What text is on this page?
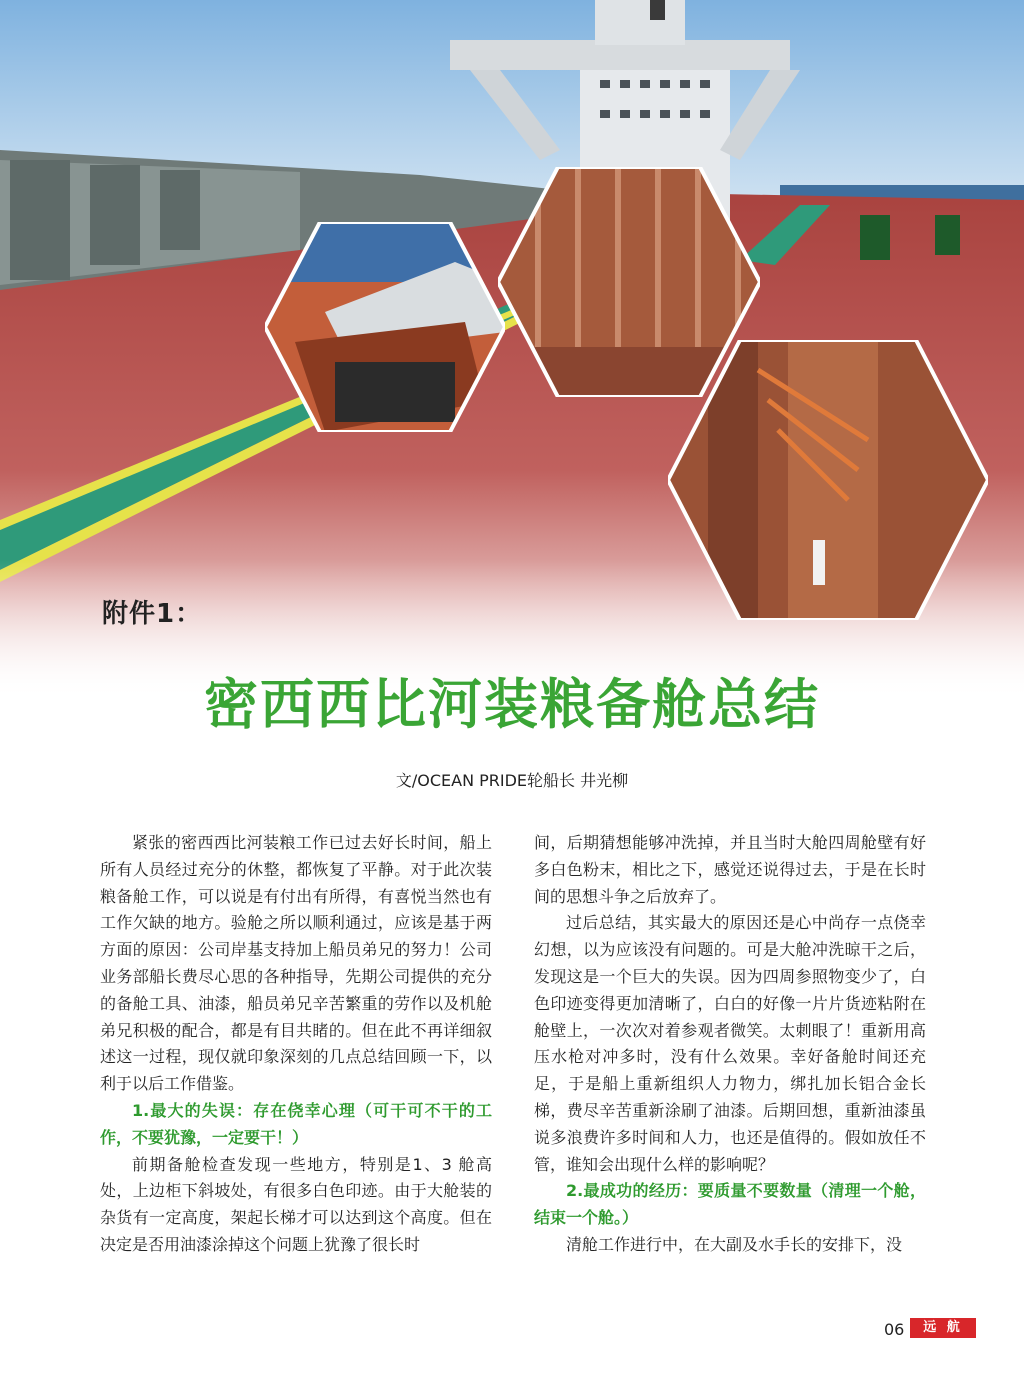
附件1：
密西西比河装粮备舱总结
文/OCEAN PRIDE轮船长 井光柳

紧张的密西西比河装粮工作已过去好长时间，船上所有人员经过充分的休整，都恢复了平静。对于此次装粮备舱工作，可以说是有付出有所得，有喜悦当然也有工作欠缺的地方。验舱之所以顺利通过，应该是基于两方面的原因：公司岸基支持加上船员弟兄的努力！公司业务部船长费尽心思的各种指导，先期公司提供的充分的备舱工具、油漆，船员弟兄辛苦繁重的劳作以及机舱弟兄积极的配合，都是有目共睹的。但在此不再详细叙述这一过程，现仅就印象深刻的几点总结回顾一下，以利于以后工作借鉴。

1.最大的失误：存在侥幸心理（可干可不干的工作，不要犹豫，一定要干！）

前期备舱检查发现一些地方，特别是1、3 舱高处，上边柜下斜坡处，有很多白色印迹。由于大舱装的杂货有一定高度，架起长梯才可以达到这个高度。但在决定是否用油漆涂掉这个问题上犹豫了很长时

间，后期猜想能够冲洗掉，并且当时大舱四周舱壁有好多白色粉末，相比之下，感觉还说得过去，于是在长时间的思想斗争之后放弃了。

过后总结，其实最大的原因还是心中尚存一点侥幸幻想，以为应该没有问题的。可是大舱冲洗晾干之后，发现这是一个巨大的失误。因为四周参照物变少了，白色印迹变得更加清晰了，白白的好像一片片货迹粘附在舱壁上，一次次对着参观者微笑。太刺眼了！重新用高压水枪对冲多时，没有什么效果。幸好备舱时间还充足，于是船上重新组织人力物力，绑扎加长铝合金长梯，费尽辛苦重新涂刷了油漆。后期回想，重新油漆虽说多浪费许多时间和人力，也还是值得的。假如放任不管，谁知会出现什么样的影响呢？

2.最成功的经历：要质量不要数量（清理一个舱，结束一个舱。）

清舱工作进行中，在大副及水手长的安排下，没

06	远 航
